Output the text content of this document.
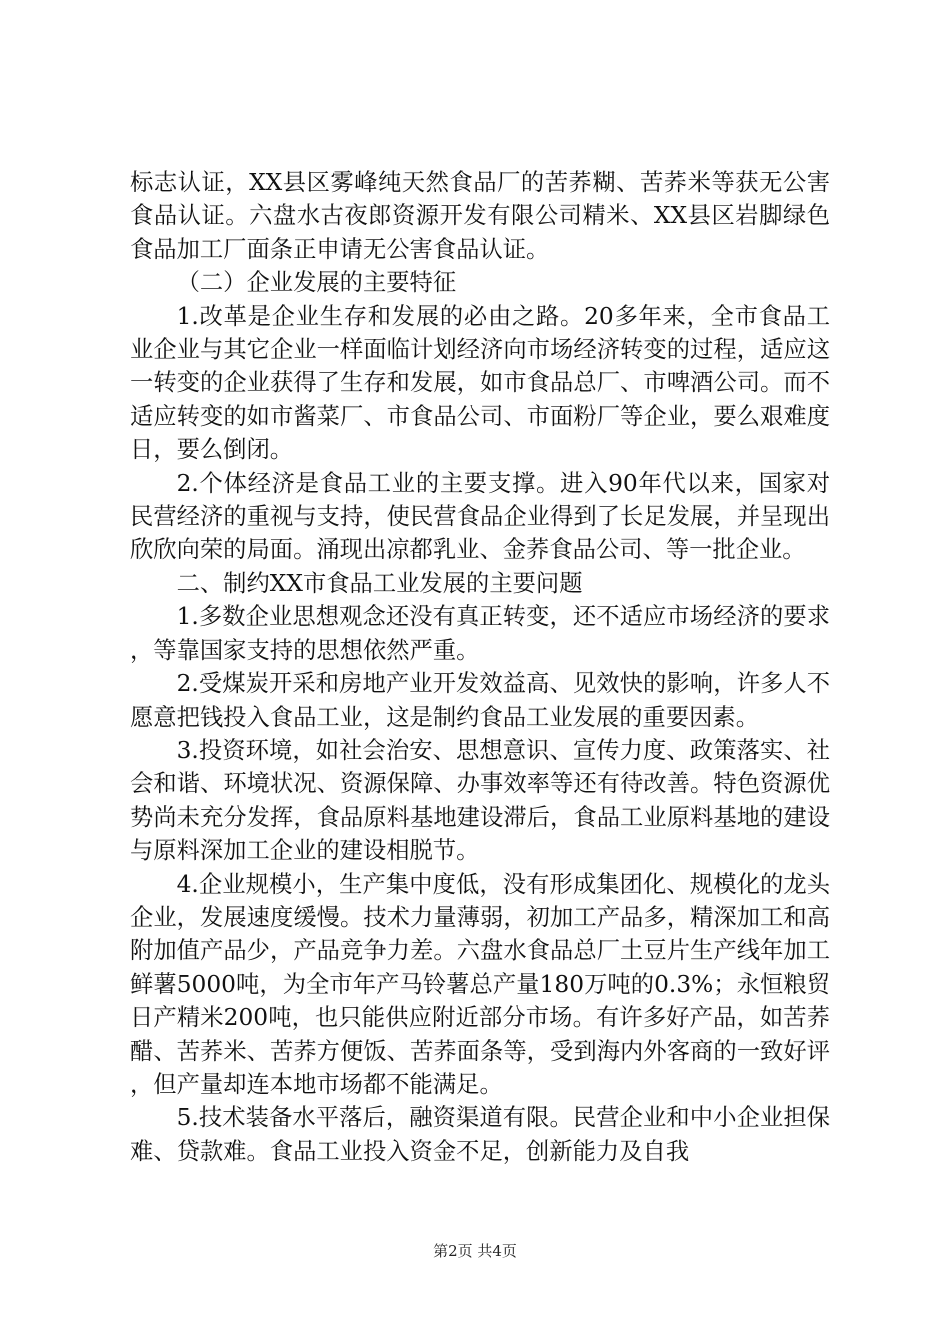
标志认证，XX县区雾峰纯天然食品厂的苦荞糊、苦荞米等获无公害食品认证。六盘水古夜郎资源开发有限公司精米、XX县区岩脚绿色食品加工厂面条正申请无公害食品认证。

（二）企业发展的主要特征

1.改革是企业生存和发展的必由之路。20多年来，全市食品工业企业与其它企业一样面临计划经济向市场经济转变的过程，适应这一转变的企业获得了生存和发展，如市食品总厂、市啤酒公司。而不适应转变的如市酱菜厂、市食品公司、市面粉厂等企业，要么艰难度日，要么倒闭。

2.个体经济是食品工业的主要支撑。进入90年代以来，国家对民营经济的重视与支持，使民营食品企业得到了长足发展，并呈现出欣欣向荣的局面。涌现出凉都乳业、金荞食品公司、等一批企业。

二、制约XX市食品工业发展的主要问题

1.多数企业思想观念还没有真正转变，还不适应市场经济的要求，等靠国家支持的思想依然严重。

2.受煤炭开采和房地产业开发效益高、见效快的影响，许多人不愿意把钱投入食品工业，这是制约食品工业发展的重要因素。

3.投资环境，如社会治安、思想意识、宣传力度、政策落实、社会和谐、环境状况、资源保障、办事效率等还有待改善。特色资源优势尚未充分发挥，食品原料基地建设滞后，食品工业原料基地的建设与原料深加工企业的建设相脱节。

4.企业规模小，生产集中度低，没有形成集团化、规模化的龙头企业，发展速度缓慢。技术力量薄弱，初加工产品多，精深加工和高附加值产品少，产品竞争力差。六盘水食品总厂土豆片生产线年加工鲜薯5000吨，为全市年产马铃薯总产量180万吨的0.3%；永恒粮贸日产精米200吨，也只能供应附近部分市场。有许多好产品，如苦荞醋、苦荞米、苦荞方便饭、苦荞面条等，受到海内外客商的一致好评，但产量却连本地市场都不能满足。

5.技术装备水平落后，融资渠道有限。民营企业和中小企业担保难、贷款难。食品工业投入资金不足，创新能力及自我

第2页 共4页
